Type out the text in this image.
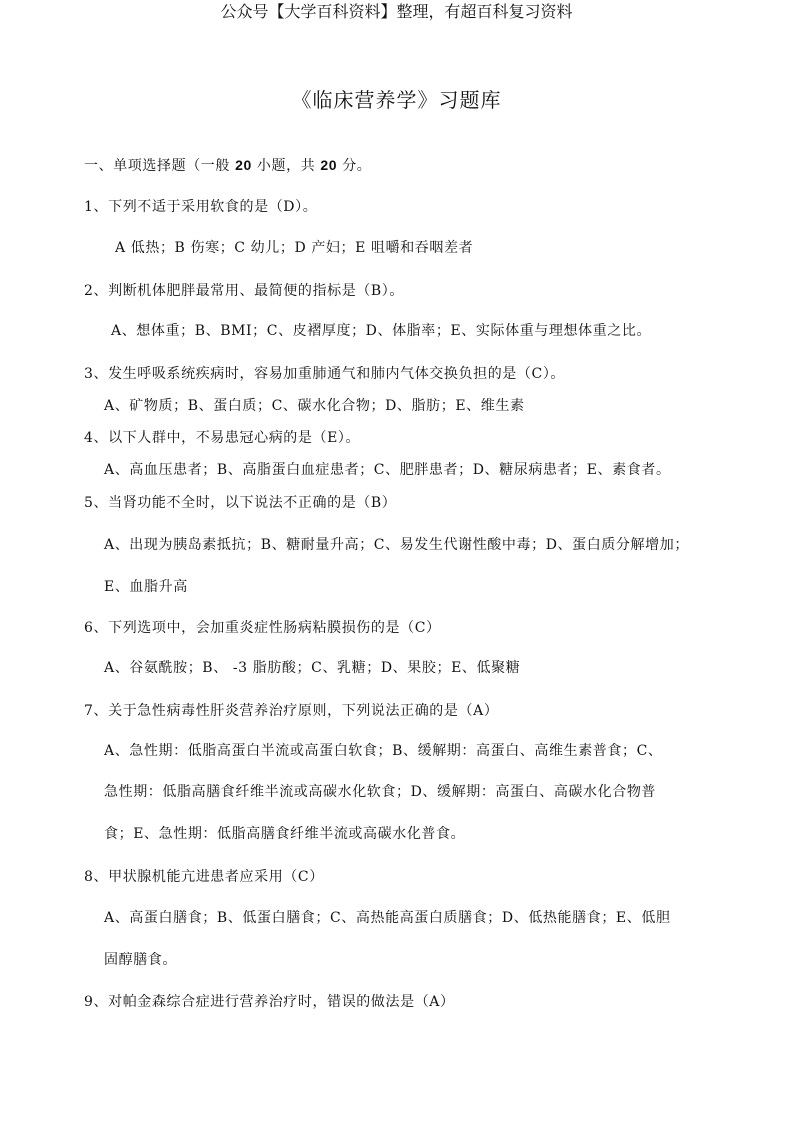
公众号【大学百科资料】整理，有超百科复习资料
《临床营养学》习题库
一、单项选择题（一般 20 小题，共 20 分。
1、下列不适于采用软食的是（D）。
A 低热；B 伤寒；C 幼儿；D 产妇；E 咀嚼和吞咽差者
2、判断机体肥胖最常用、最简便的指标是（B）。
A、想体重；B、BMI；C、皮褶厚度；D、体脂率；E、实际体重与理想体重之比。
3、发生呼吸系统疾病时，容易加重肺通气和肺内气体交换负担的是（C）。
A、矿物质；B、蛋白质；C、碳水化合物；D、脂肪；E、维生素
4、以下人群中，不易患冠心病的是（E）。
A、高血压患者；B、高脂蛋白血症患者；C、肥胖患者；D、糖尿病患者；E、素食者。
5、当肾功能不全时，以下说法不正确的是（B）
A、出现为胰岛素抵抗；B、糖耐量升高；C、易发生代谢性酸中毒；D、蛋白质分解增加；
E、血脂升高
6、下列选项中，会加重炎症性肠病粘膜损伤的是（C）
A、谷氨酰胺；B、 -3 脂肪酸；C、乳糖；D、果胶；E、低聚糖
7、关于急性病毒性肝炎营养治疗原则，下列说法正确的是（A）
A、急性期：低脂高蛋白半流或高蛋白软食；B、缓解期：高蛋白、高维生素普食；C、
急性期：低脂高膳食纤维半流或高碳水化软食；D、缓解期：高蛋白、高碳水化合物普
食；E、急性期：低脂高膳食纤维半流或高碳水化普食。
8、甲状腺机能亢进患者应采用（C）
A、高蛋白膳食；B、低蛋白膳食；C、高热能高蛋白质膳食；D、低热能膳食；E、低胆
固醇膳食。
9、对帕金森综合症进行营养治疗时，错误的做法是（A）
